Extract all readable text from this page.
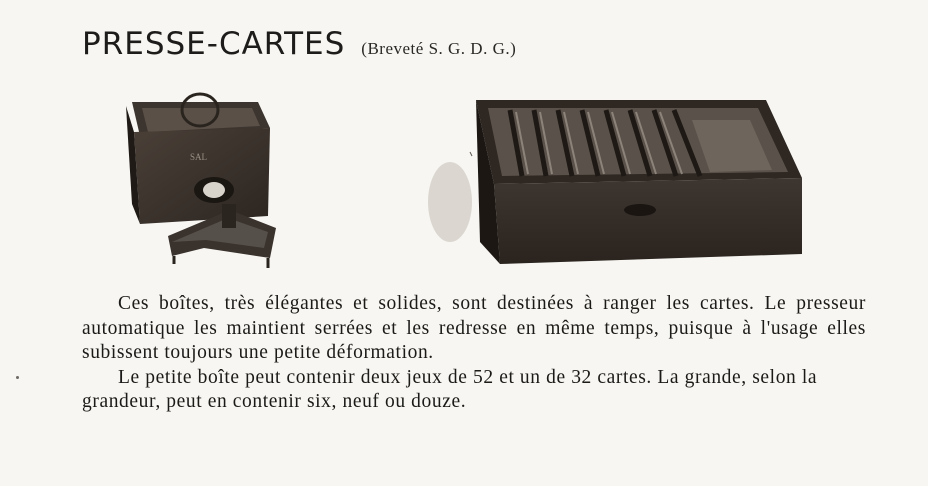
PRESSE-CARTES (Breveté S. G. D. G.)
SAL

Ces boîtes, très élégantes et solides, sont destinées à ranger les cartes. Le presseur automatique les maintient serrées et les redresse en même temps, puisque à l'usage elles subissent toujours une petite déformation.

Le petite boîte peut contenir deux jeux de 52 et un de 32 cartes. La grande, selon la grandeur, peut en contenir six, neuf ou douze.
